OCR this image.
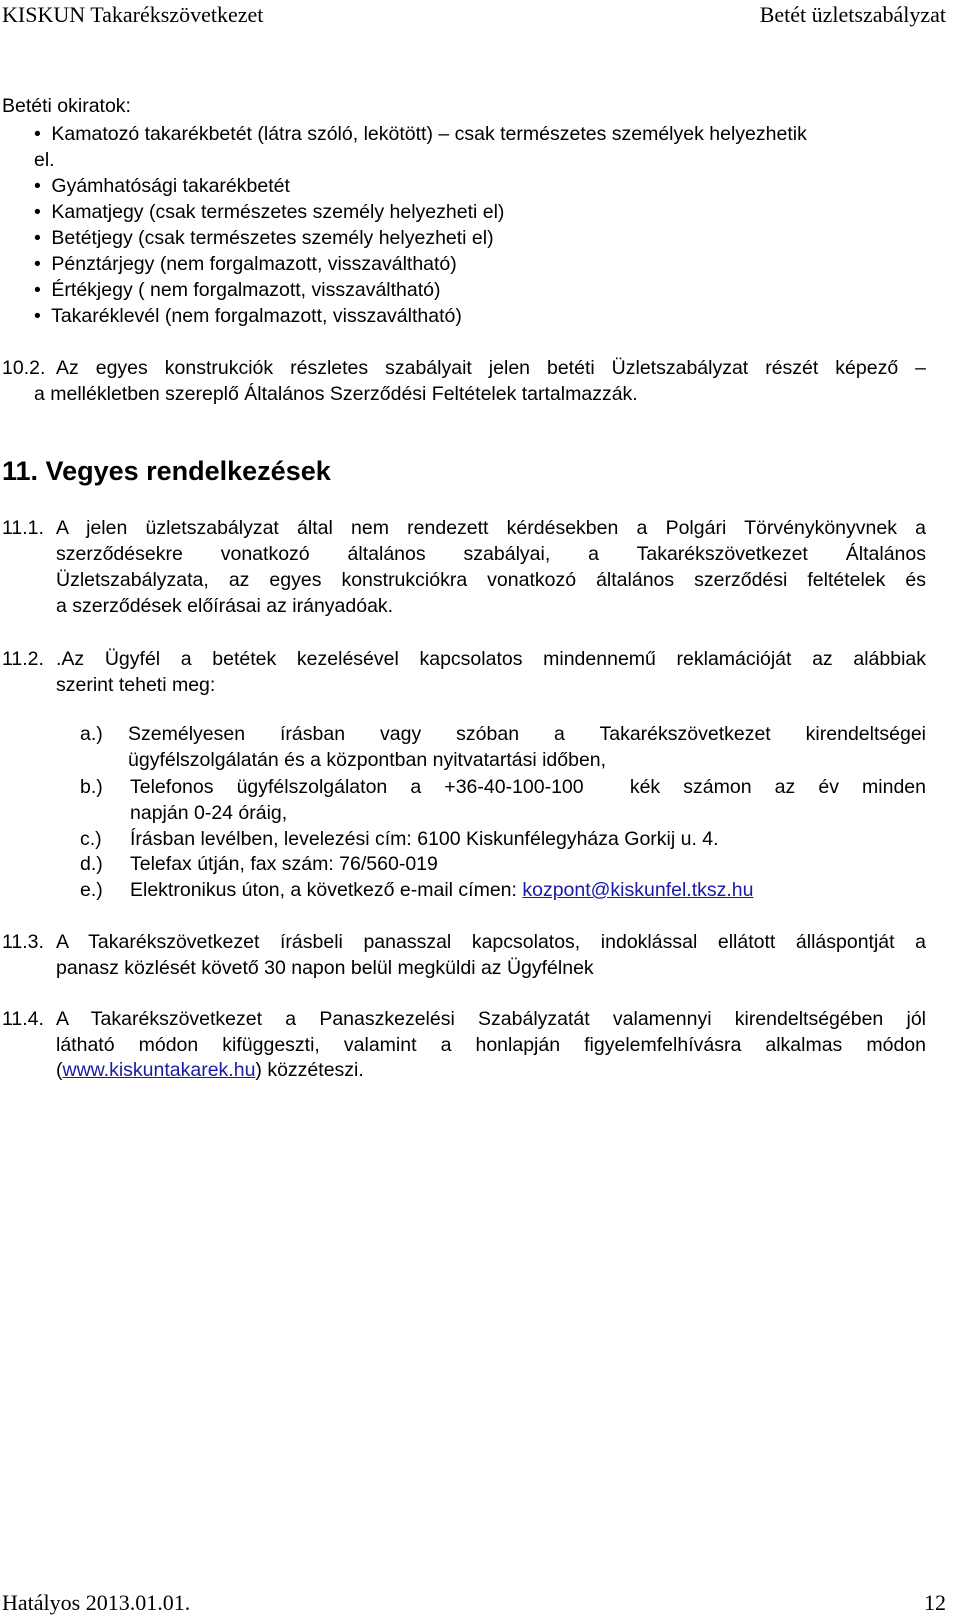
KISKUN Takarékszövetkezet	Betét üzletszabályzat
Betéti okiratok:
• Kamatozó takarékbetét (látra szóló, lekötött) – csak természetes személyek helyezhetik
el.
• Gyámhatósági takarékbetét
• Kamatjegy (csak természetes személy helyezheti el)
• Betétjegy (csak természetes személy helyezheti el)
• Pénztárjegy (nem forgalmazott, visszaváltható)
• Értékjegy ( nem forgalmazott, visszaváltható)
• Takaréklevél (nem forgalmazott, visszaváltható)
10.2. Az egyes konstrukciók részletes szabályait jelen betéti Üzletszabályzat részét képező –
a mellékletben szereplő Általános Szerződési Feltételek tartalmazzák.
11. Vegyes rendelkezések
11.1. A jelen üzletszabályzat által nem rendezett kérdésekben a Polgári Törvénykönyvnek a
szerződésekre vonatkozó általános szabályai, a Takarékszövetkezet Általános
Üzletszabályzata, az egyes konstrukciókra vonatkozó általános szerződési feltételek és
a szerződések előírásai az irányadóak.
11.2. .Az Ügyfél a betétek kezelésével kapcsolatos mindennemű reklamációját az alábbiak
szerint teheti meg:
a.) Személyesen írásban vagy szóban a Takarékszövetkezet kirendeltségei
ügyfélszolgálatán és a központban nyitvatartási időben,
b.) Telefonos ügyfélszolgálaton a +36-40-100-100  kék számon az év minden
napján 0-24 óráig,
c.) Írásban levélben, levelezési cím: 6100 Kiskunfélegyháza Gorkij u. 4.
d.) Telefax útján, fax szám: 76/560-019
e.) Elektronikus úton, a következő e-mail címen: kozpont@kiskunfel.tksz.hu
11.3. A Takarékszövetkezet írásbeli panasszal kapcsolatos, indoklással ellátott álláspontját a
panasz közlését követő 30 napon belül megküldi az Ügyfélnek
11.4. A Takarékszövetkezet a Panaszkezelési Szabályzatát valamennyi kirendeltségében jól
látható módon kifüggeszti, valamint a honlapján figyelemfelhívásra alkalmas módon
(www.kiskuntakarek.hu) közzéteszi.
Hatályos 2013.01.01.	12
